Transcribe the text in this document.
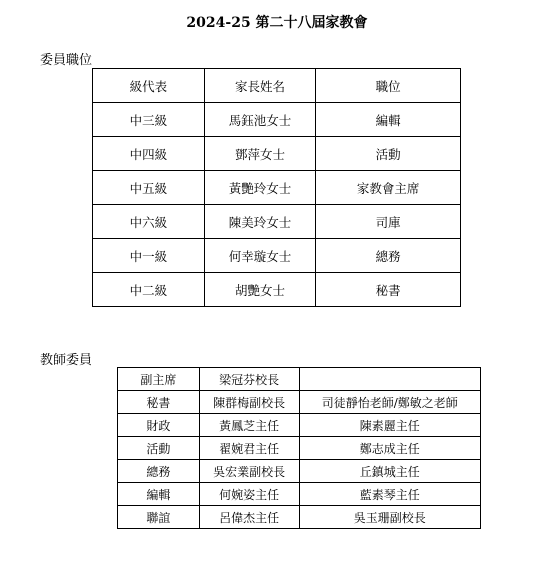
2024-25 第二十八屆家教會
委員職位
級代表	家長姓名	職位
中三級	馬鈺池女士	編輯
中四級	鄧萍女士	活動
中五級	黃艷玲女士	家教會主席
中六級	陳美玲女士	司庫
中一級	何幸璇女士	總務
中二級	胡艷女士	秘書
教師委員
副主席	梁冠芬校長	
秘書	陳群梅副校長	司徒靜怡老師/鄭敏之老師
財政	黃鳳芝主任	陳素麗主任
活動	翟婉君主任	鄭志成主任
總務	吳宏業副校長	丘鎮城主任
編輯	何婉姿主任	藍素琴主任
聯誼	呂偉杰主任	吳玉珊副校長
